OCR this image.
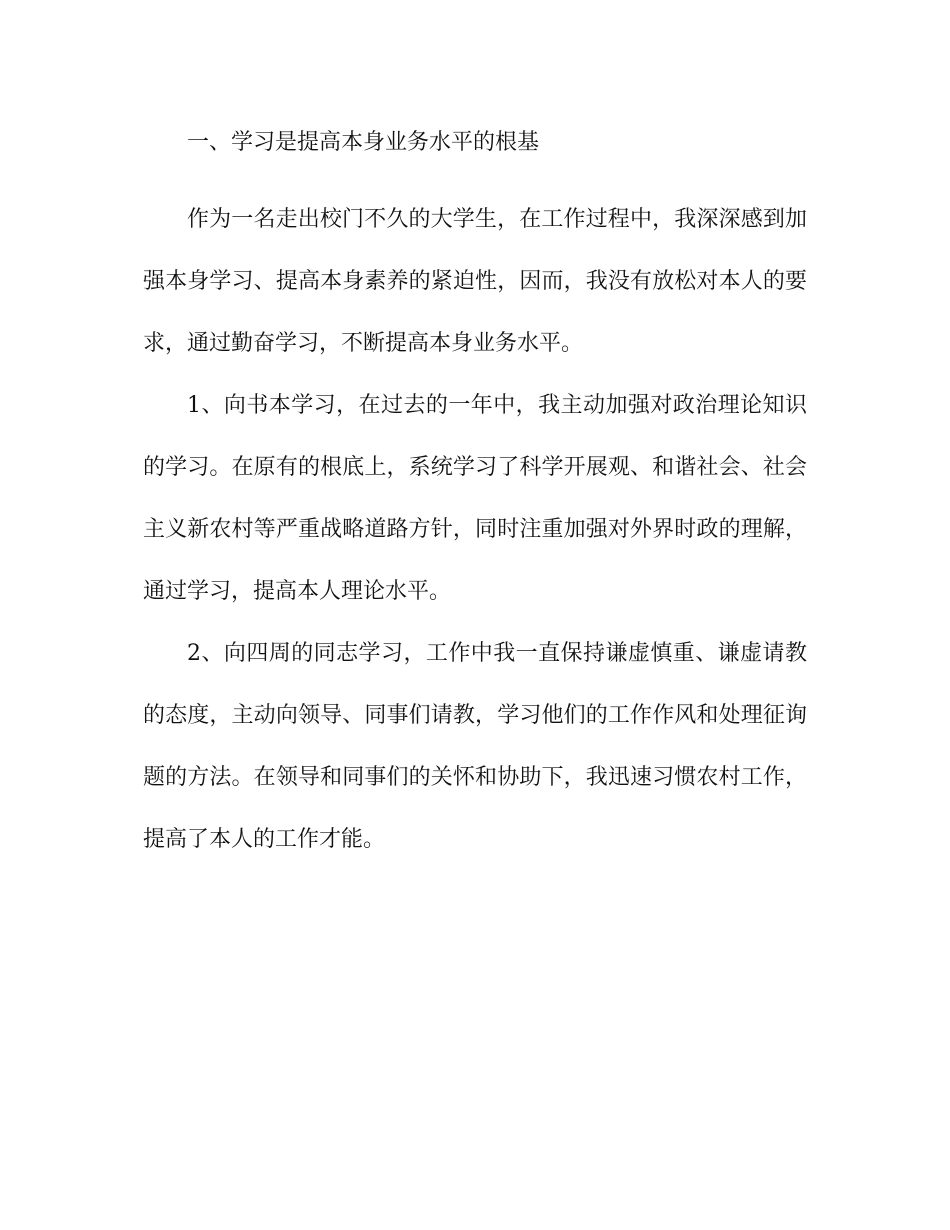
一、学习是提高本身业务水平的根基

作为一名走出校门不久的大学生，在工作过程中，我深深感到加强本身学习、提高本身素养的紧迫性，因而，我没有放松对本人的要求，通过勤奋学习，不断提高本身业务水平。

1、向书本学习，在过去的一年中，我主动加强对政治理论知识的学习。在原有的根底上，系统学习了科学开展观、和谐社会、社会主义新农村等严重战略道路方针，同时注重加强对外界时政的理解，通过学习，提高本人理论水平。

2、向四周的同志学习，工作中我一直保持谦虚慎重、谦虚请教的态度，主动向领导、同事们请教，学习他们的工作作风和处理征询题的方法。在领导和同事们的关怀和协助下，我迅速习惯农村工作，提高了本人的工作才能。
